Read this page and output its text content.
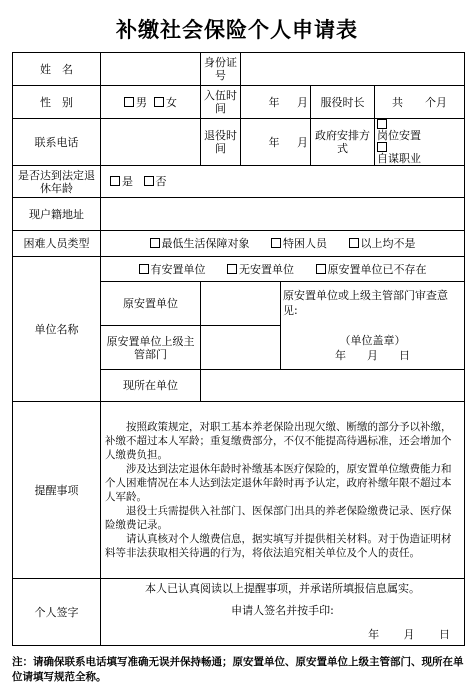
补缴社会保险个人申请表
姓　名		身份证号				
性　别	男 女	入伍时间	年 月		服役时长	共　　个月
联系电话		退役时间	年 月		政府安排方式	岗位安置
自谋职业

是否达到法定退休年龄	是 否					
现户籍地址						
困难人员类型	最低生活保障对象 特困人员 以上均不是					
单位名称	有安置单位 无安置单位 原安置单位已不存在					
	原安置单位			原安置单位或上级主管部门审查意见:
（单位盖章）
年 月 日		

	原安置单位上级主管部门					
	现所在单位					
提醒事项	按照政策规定，对职工基本养老保险出现欠缴、断缴的部分予以补缴，补缴不超过本人军龄；重复缴费部分，不仅不能提高待遇标准，还会增加个人缴费负担。

涉及达到法定退休年龄时补缴基本医疗保险的，原安置单位缴费能力和个人困难情况在本人达到法定退休年龄时再予认定，政府补缴年限不超过本人军龄。

退役士兵需提供入社部门、医保部门出具的养老保险缴费记录、医疗保险缴费记录。

请认真核对个人缴费信息，据实填写并提供相关材料。对于伪造证明材料等非法获取相关待遇的行为，将依法追究相关单位及个人的责任。					

个人签字	本人已认真阅读以上提醒事项，并承诺所填报信息属实。

申请人签名并按手印:

年 月 日					

注：请确保联系电话填写准确无误并保持畅通；原安置单位、原安置单位上级主管部门、现所在单位请填写规范全称。
